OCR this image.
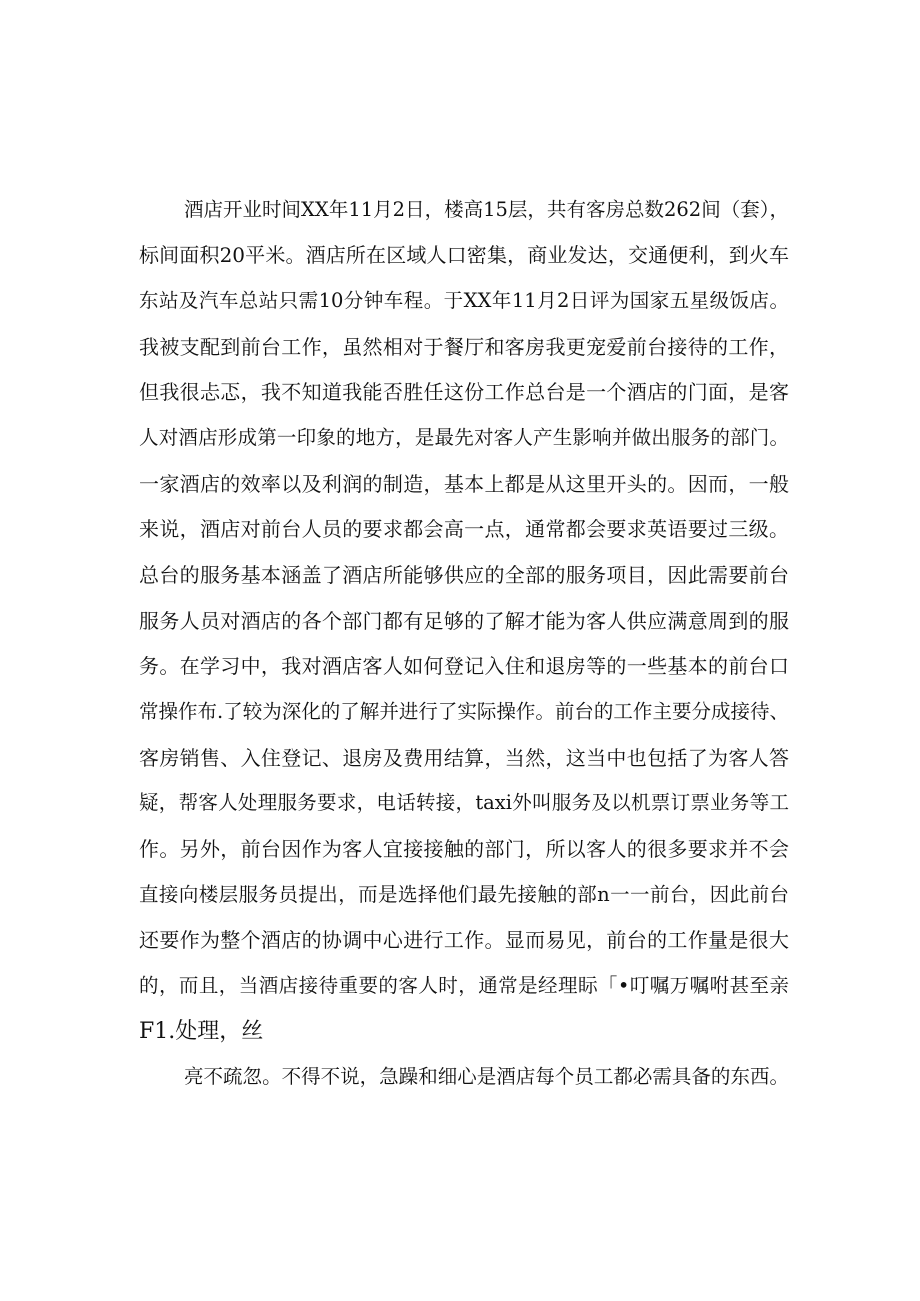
酒店开业时间XX年11月2日，楼高15层，共有客房总数262间（套），
标间面积20平米。酒店所在区域人口密集，商业发达，交通便利，到火车
东站及汽车总站只需10分钟车程。于XX年11月2日评为国家五星级饭店。
我被支配到前台工作，虽然相对于餐厅和客房我更宠爱前台接待的工作，
但我很忐忑，我不知道我能否胜任这份工作总台是一个酒店的门面，是客
人对酒店形成第一印象的地方，是最先对客人产生影响并做出服务的部门。
一家酒店的效率以及利润的制造，基本上都是从这里开头的。因而，一般
来说，酒店对前台人员的要求都会高一点，通常都会要求英语要过三级。
总台的服务基本涵盖了酒店所能够供应的全部的服务项目，因此需要前台
服务人员对酒店的各个部门都有足够的了解才能为客人供应满意周到的服
务。在学习中，我对酒店客人如何登记入住和退房等的一些基本的前台口
常操作布.了较为深化的了解并进行了实际操作。前台的工作主要分成接待、
客房销售、入住登记、退房及费用结算，当然，这当中也包括了为客人答
疑，帮客人处理服务要求，电话转接，taxi外叫服务及以机票订票业务等工
作。另外，前台因作为客人宜接接触的部门，所以客人的很多要求并不会
直接向楼层服务员提出，而是选择他们最先接触的部n一一前台，因此前台
还要作为整个酒店的协调中心进行工作。显而易见，前台的工作量是很大
的，而且，当酒店接待重要的客人时，通常是经理眎「•叮嘱万嘱咐甚至亲
F1.处理，丝
亮不疏忽。不得不说，急躁和细心是酒店每个员工都必需具备的东西。
